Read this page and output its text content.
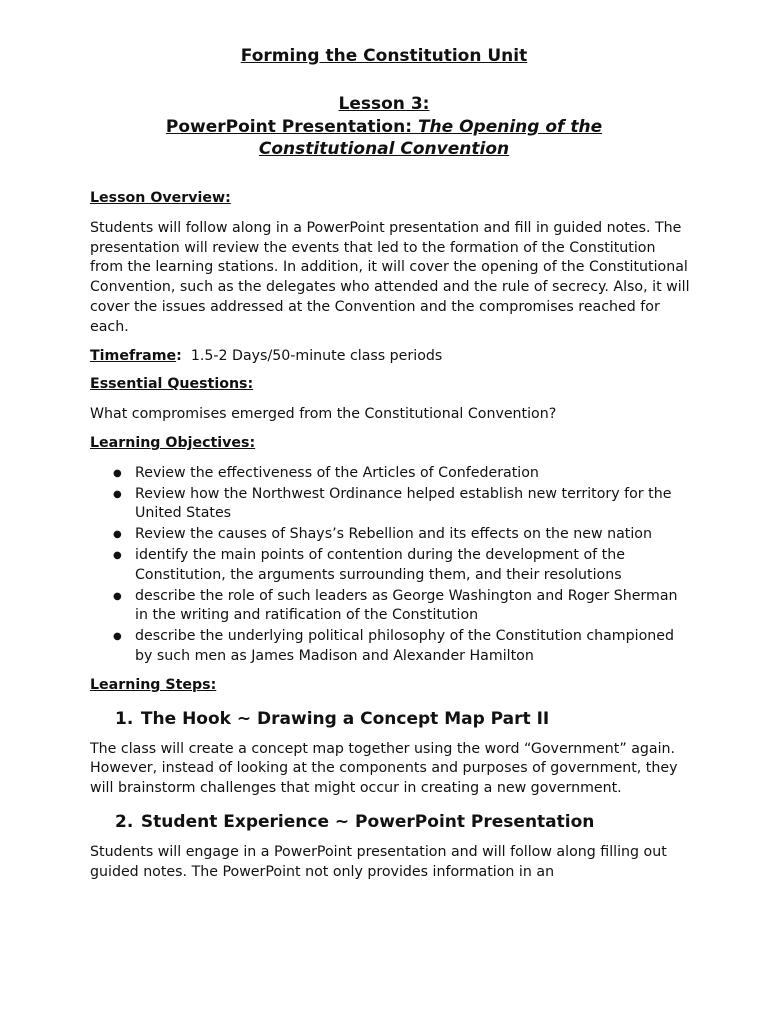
Forming the Constitution Unit
Lesson 3:
PowerPoint Presentation: The Opening of the
Constitutional Convention
Lesson Overview:
Students will follow along in a PowerPoint presentation and fill in guided notes. The presentation will review the events that led to the formation of the Constitution from the learning stations. In addition, it will cover the opening of the Constitutional Convention, such as the delegates who attended and the rule of secrecy. Also, it will cover the issues addressed at the Convention and the compromises reached for each.
Timeframe: 1.5-2 Days/50-minute class periods
Essential Questions:
What compromises emerged from the Constitutional Convention?
Learning Objectives:
● Review the effectiveness of the Articles of Confederation
● Review how the Northwest Ordinance helped establish new territory for the United States
● Review the causes of Shays’s Rebellion and its effects on the new nation
● identify the main points of contention during the development of the Constitution, the arguments surrounding them, and their resolutions
● describe the role of such leaders as George Washington and Roger Sherman in the writing and ratification of the Constitution
● describe the underlying political philosophy of the Constitution championed by such men as James Madison and Alexander Hamilton
Learning Steps:
1. The Hook ~ Drawing a Concept Map Part II
The class will create a concept map together using the word “Government” again. However, instead of looking at the components and purposes of government, they will brainstorm challenges that might occur in creating a new government.
2. Student Experience ~ PowerPoint Presentation
Students will engage in a PowerPoint presentation and will follow along filling out guided notes. The PowerPoint not only provides information in an
